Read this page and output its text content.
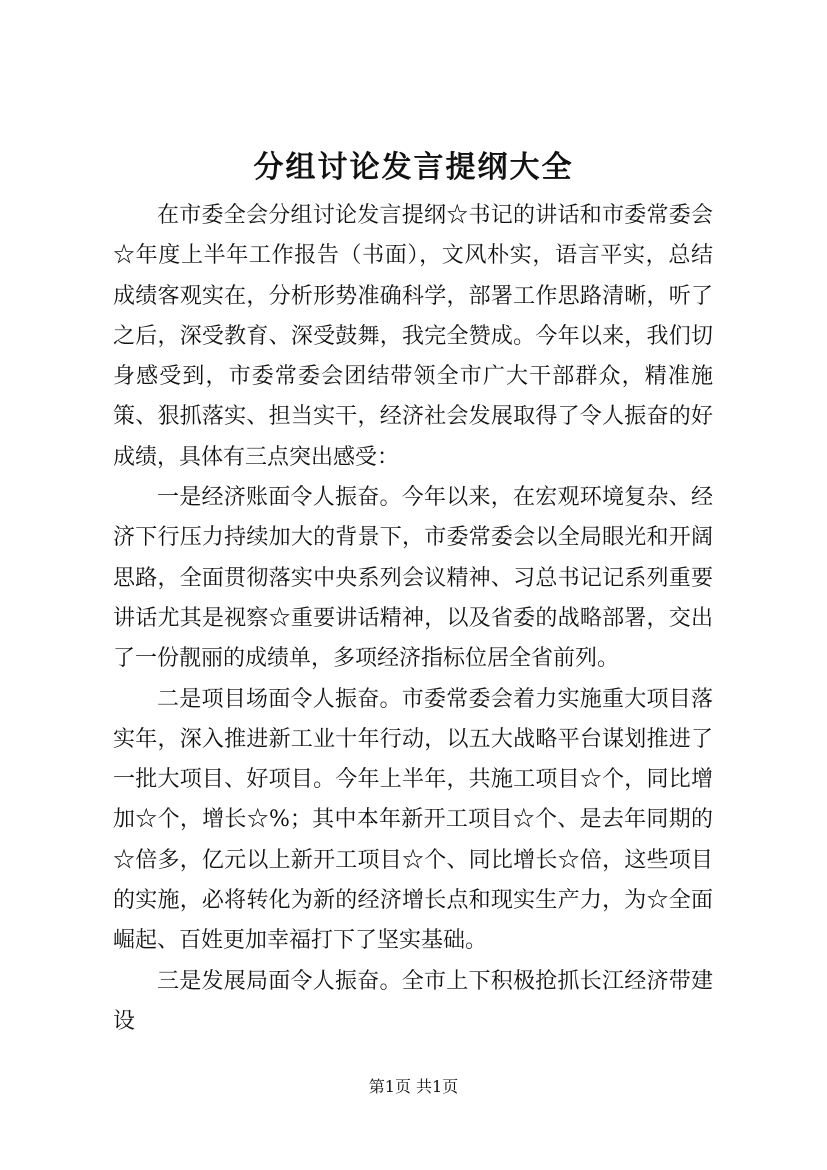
分组讨论发言提纲大全

在市委全会分组讨论发言提纲☆书记的讲话和市委常委会☆年度上半年工作报告（书面），文风朴实，语言平实，总结成绩客观实在，分析形势准确科学，部署工作思路清晰，听了之后，深受教育、深受鼓舞，我完全赞成。今年以来，我们切身感受到，市委常委会团结带领全市广大干部群众，精准施策、狠抓落实、担当实干，经济社会发展取得了令人振奋的好成绩，具体有三点突出感受：

一是经济账面令人振奋。今年以来，在宏观环境复杂、经济下行压力持续加大的背景下，市委常委会以全局眼光和开阔思路，全面贯彻落实中央系列会议精神、习总书记记系列重要讲话尤其是视察☆重要讲话精神，以及省委的战略部署，交出了一份靓丽的成绩单，多项经济指标位居全省前列。

二是项目场面令人振奋。市委常委会着力实施重大项目落实年，深入推进新工业十年行动，以五大战略平台谋划推进了一批大项目、好项目。今年上半年，共施工项目☆个，同比增加☆个，增长☆%；其中本年新开工项目☆个、是去年同期的☆倍多，亿元以上新开工项目☆个、同比增长☆倍，这些项目的实施，必将转化为新的经济增长点和现实生产力，为☆全面崛起、百姓更加幸福打下了坚实基础。

三是发展局面令人振奋。全市上下积极抢抓长江经济带建设

第1页 共1页
